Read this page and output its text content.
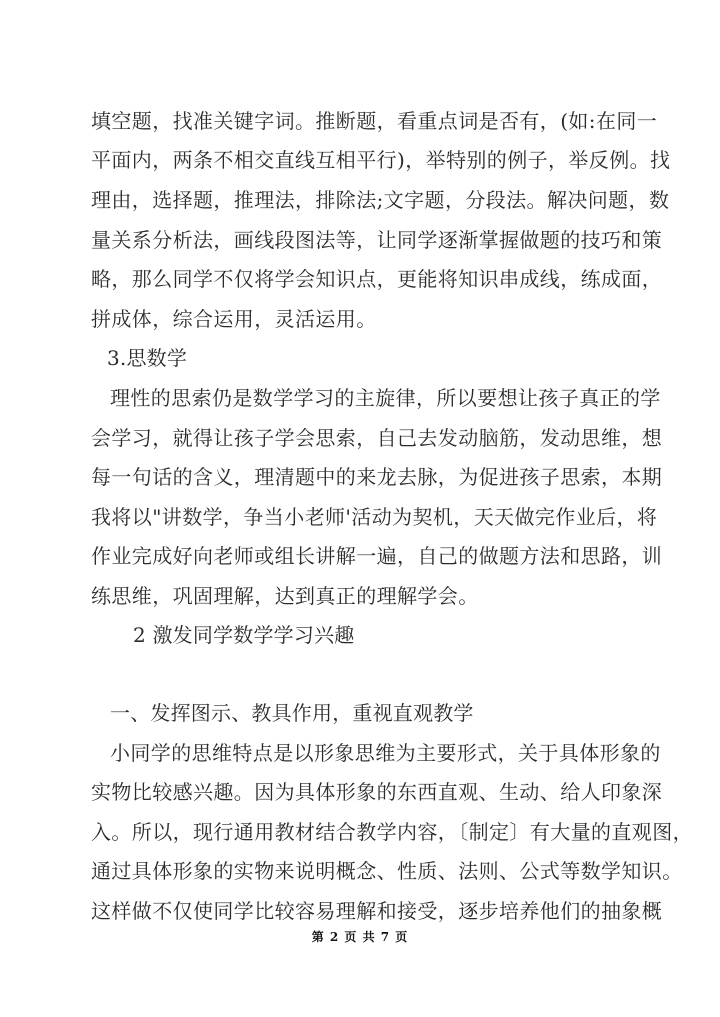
填空题，找准关键字词。推断题，看重点词是否有，(如:在同一
平面内，两条不相交直线互相平行)，举特别的例子，举反例。找
理由，选择题，推理法，排除法;文字题，分段法。解决问题，数
量关系分析法，画线段图法等，让同学逐渐掌握做题的技巧和策
略，那么同学不仅将学会知识点，更能将知识串成线，练成面，
拼成体，综合运用，灵活运用。
3.思数学
理性的思索仍是数学学习的主旋律，所以要想让孩子真正的学
会学习，就得让孩子学会思索，自己去发动脑筋，发动思维，想
每一句话的含义，理清题中的来龙去脉，为促进孩子思索，本期
我将以"讲数学，争当小老师'活动为契机，天天做完作业后，将
作业完成好向老师或组长讲解一遍，自己的做题方法和思路，训
练思维，巩固理解，达到真正的理解学会。
2 激发同学数学学习兴趣
一、发挥图示、教具作用，重视直观教学
小同学的思维特点是以形象思维为主要形式，关于具体形象的
实物比较感兴趣。因为具体形象的东西直观、生动、给人印象深
入。所以，现行通用教材结合教学内容，〔制定〕有大量的直观图，
通过具体形象的实物来说明概念、性质、法则、公式等数学知识。
这样做不仅使同学比较容易理解和接受，逐步培养他们的抽象概
第 2 页 共 7 页
